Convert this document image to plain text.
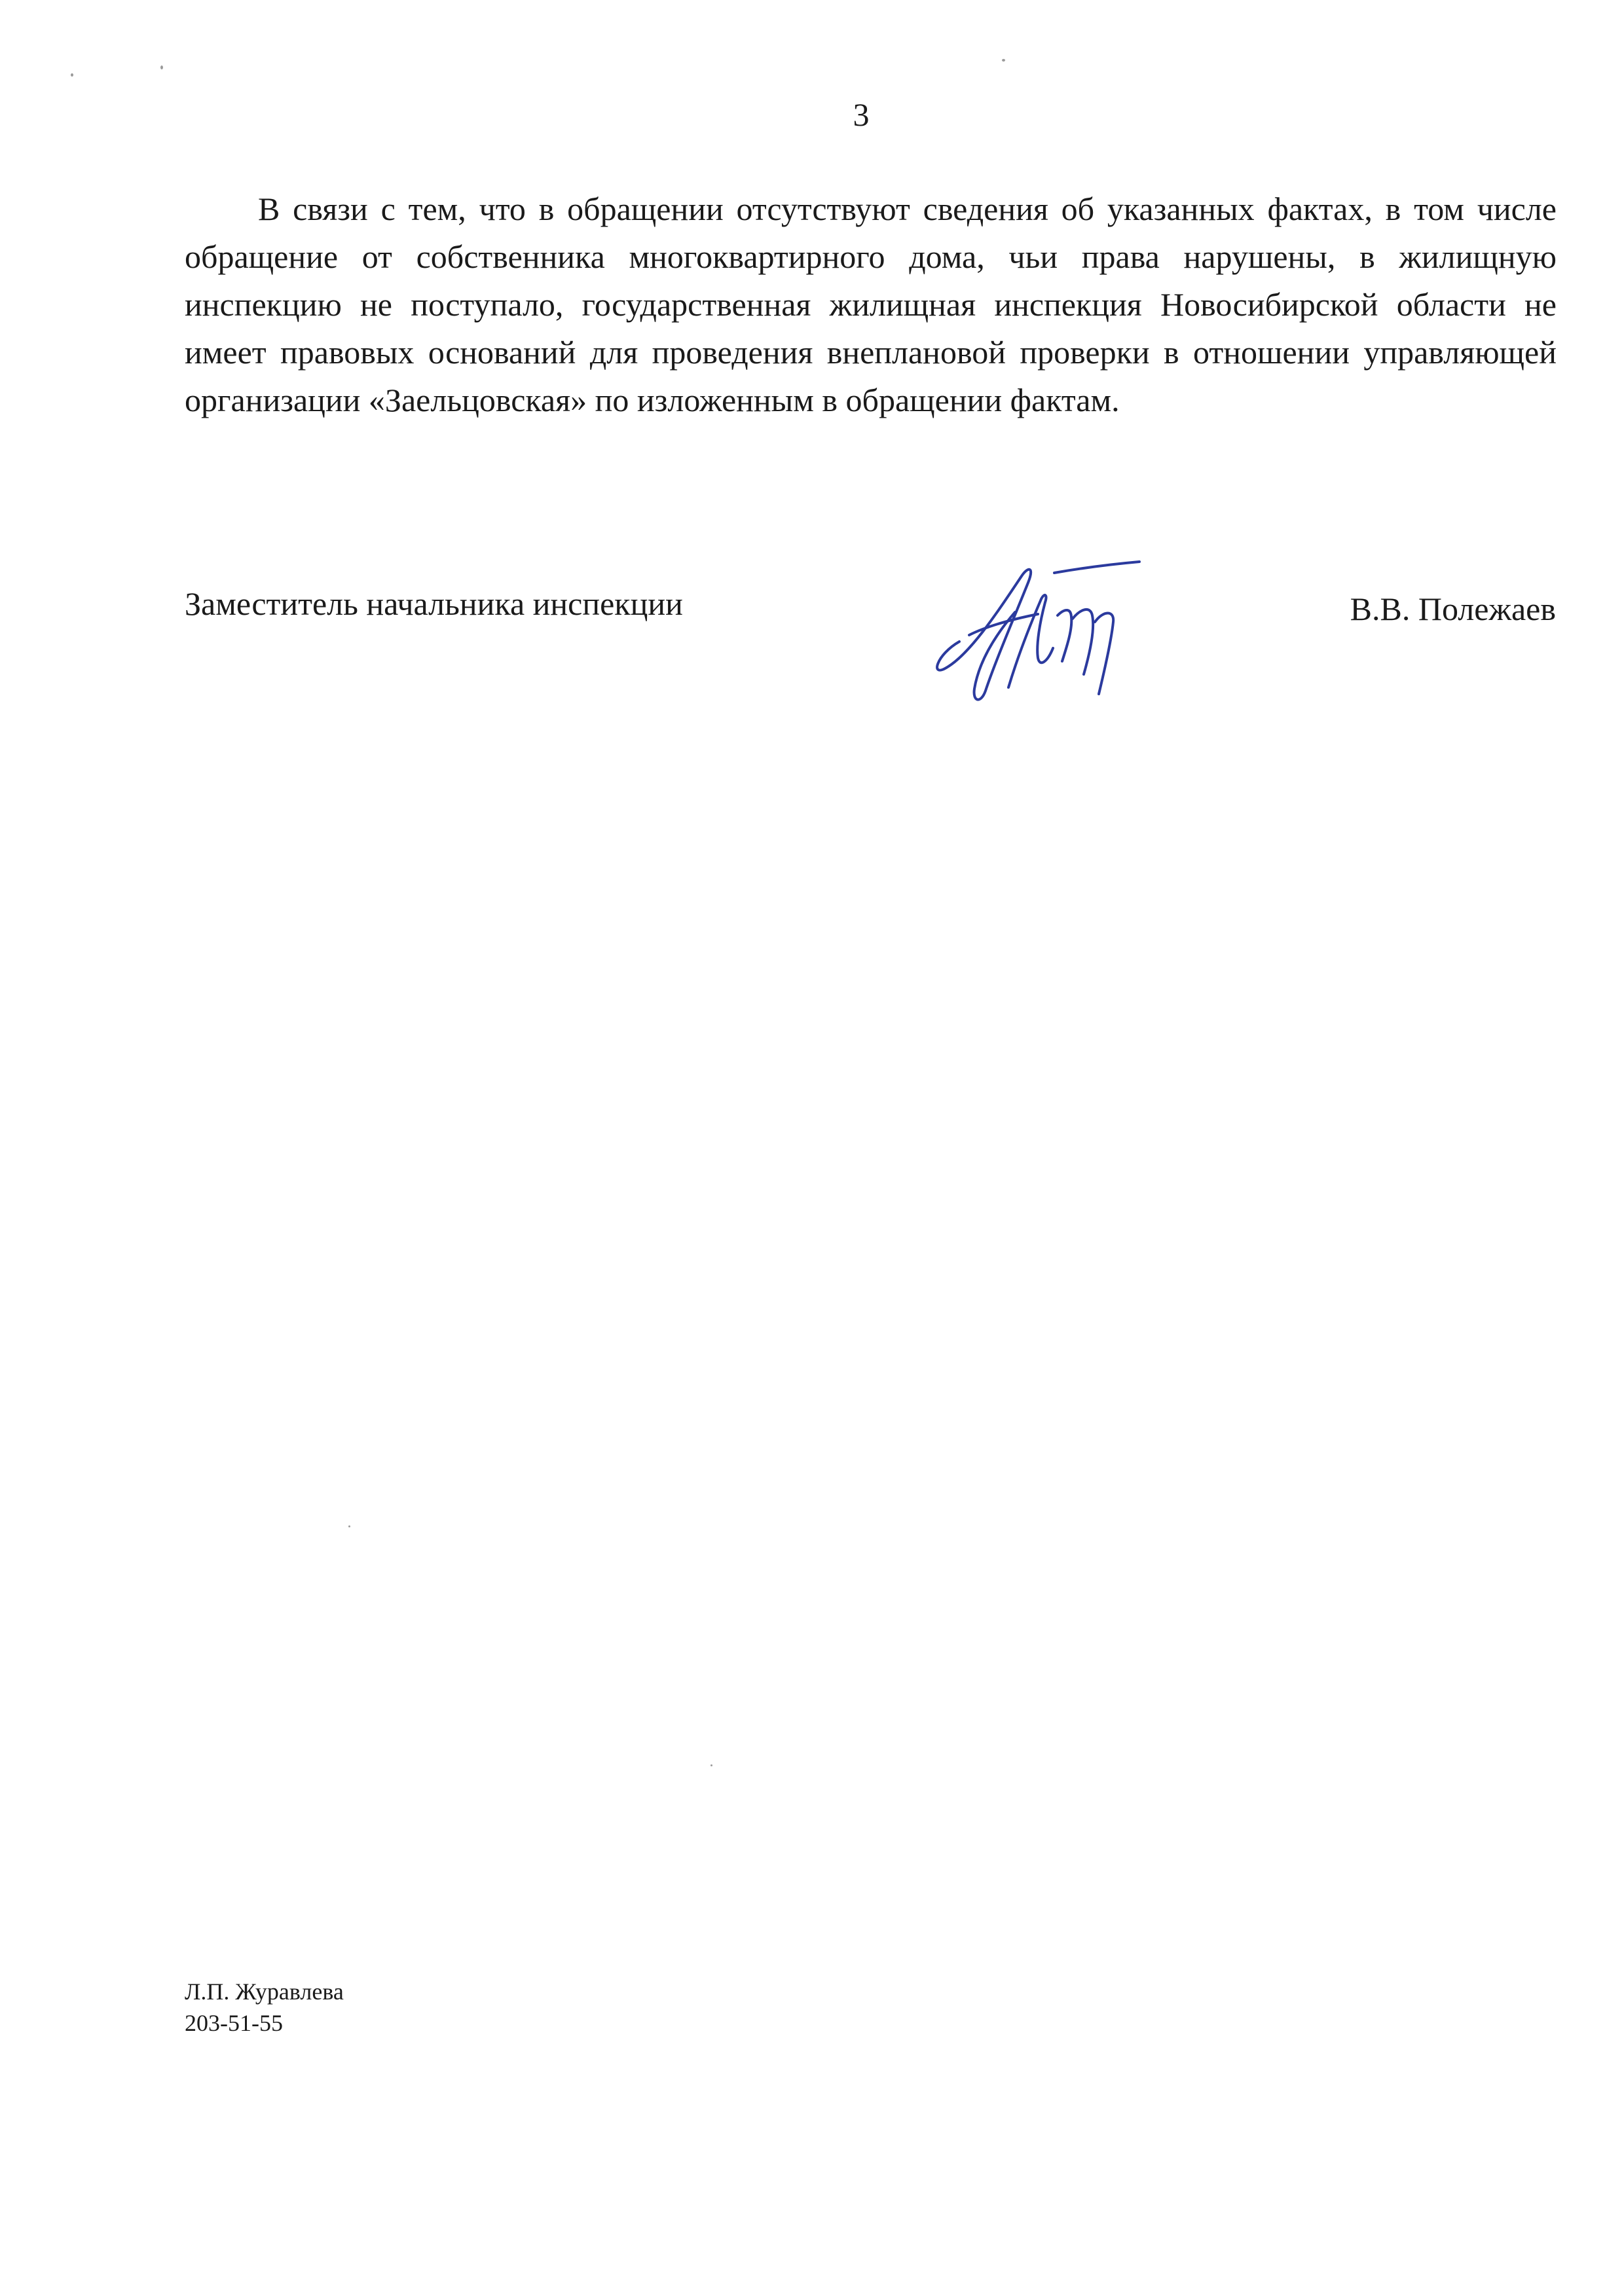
3

В связи с тем, что в обращении отсутствуют сведения об указанных фактах, в том числе обращение от собственника многоквартирного дома, чьи права нарушены, в жилищную инспекцию не поступало, государственная жилищная инспекция Новосибирской области не имеет правовых оснований для проведения внеплановой проверки в отношении управляющей организации «Заельцовская» по изложенным в обращении фактам.

Заместитель начальника инспекции	В.В. Полежаев
Л.П. Журавлева
203-51-55
